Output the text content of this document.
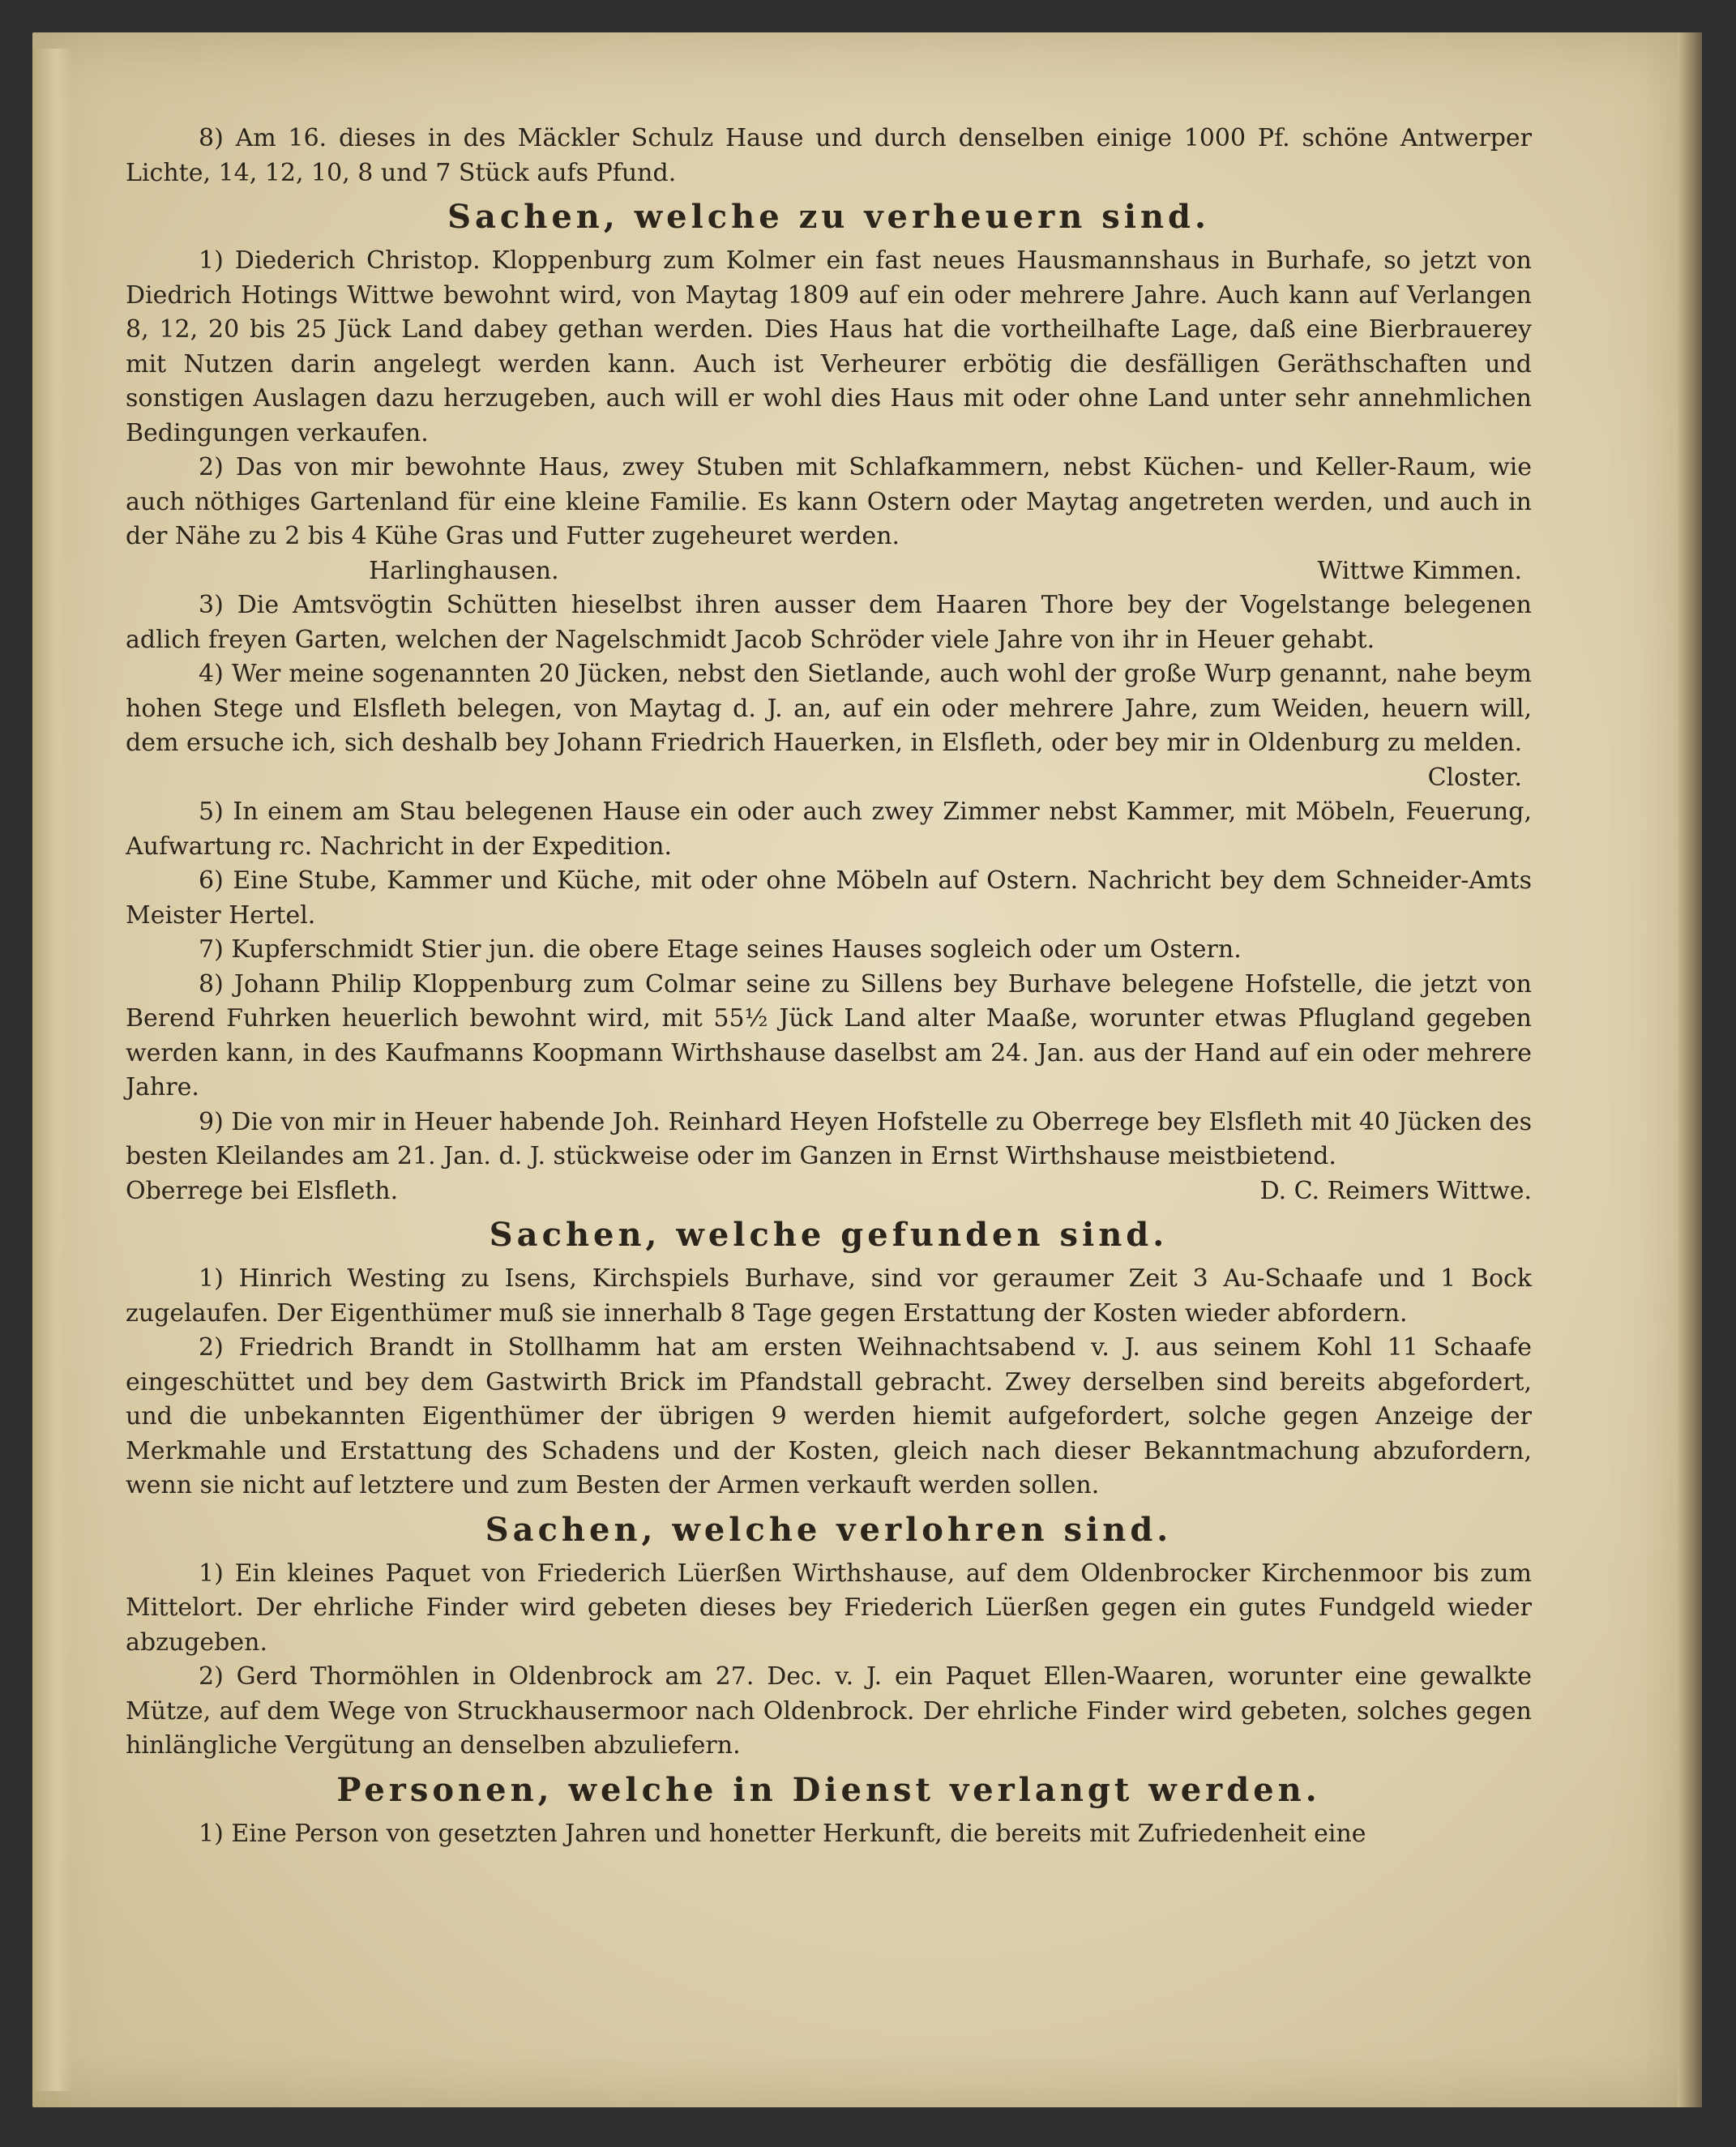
8) Am 16. dieses in des Mäckler Schulz Hause und durch denselben einige 1000 Pf. schöne Antwerper Lichte, 14, 12, 10, 8 und 7 Stück aufs Pfund.

Sachen, welche zu verheuern sind.

1) Diederich Christop. Kloppenburg zum Kolmer ein fast neues Hausmannshaus in Burhafe, so jetzt von Diedrich Hotings Wittwe bewohnt wird, von Maytag 1809 auf ein oder mehrere Jahre. Auch kann auf Verlangen 8, 12, 20 bis 25 Jück Land dabey gethan werden. Dies Haus hat die vortheilhafte Lage, daß eine Bierbrauerey mit Nutzen darin angelegt werden kann. Auch ist Verheurer erbötig die desfälligen Geräthschaften und sonstigen Auslagen dazu herzugeben, auch will er wohl dies Haus mit oder ohne Land unter sehr annehmlichen Bedingungen verkaufen.

2) Das von mir bewohnte Haus, zwey Stuben mit Schlafkammern, nebst Küchen- und Keller-Raum, wie auch nöthiges Gartenland für eine kleine Familie. Es kann Ostern oder Maytag angetreten werden, und auch in der Nähe zu 2 bis 4 Kühe Gras und Futter zugeheuret werden.

Harlinghausen.	Wittwe Kimmen.

3) Die Amtsvögtin Schütten hieselbst ihren ausser dem Haaren Thore bey der Vogelstange belegenen adlich freyen Garten, welchen der Nagelschmidt Jacob Schröder viele Jahre von ihr in Heuer gehabt.

4) Wer meine sogenannten 20 Jücken, nebst den Sietlande, auch wohl der große Wurp genannt, nahe beym hohen Stege und Elsfleth belegen, von Maytag d. J. an, auf ein oder mehrere Jahre, zum Weiden, heuern will, dem ersuche ich, sich deshalb bey Johann Friedrich Hauerken, in Elsfleth, oder bey mir in Oldenburg zu melden.

Closter.

5) In einem am Stau belegenen Hause ein oder auch zwey Zimmer nebst Kammer, mit Möbeln, Feuerung, Aufwartung rc. Nachricht in der Expedition.

6) Eine Stube, Kammer und Küche, mit oder ohne Möbeln auf Ostern. Nachricht bey dem Schneider-Amts Meister Hertel.

7) Kupferschmidt Stier jun. die obere Etage seines Hauses sogleich oder um Ostern.

8) Johann Philip Kloppenburg zum Colmar seine zu Sillens bey Burhave belegene Hofstelle, die jetzt von Berend Fuhrken heuerlich bewohnt wird, mit 55½ Jück Land alter Maaße, worunter etwas Pflugland gegeben werden kann, in des Kaufmanns Koopmann Wirthshause daselbst am 24. Jan. aus der Hand auf ein oder mehrere Jahre.

9) Die von mir in Heuer habende Joh. Reinhard Heyen Hofstelle zu Oberrege bey Elsfleth mit 40 Jücken des besten Kleilandes am 21. Jan. d. J. stückweise oder im Ganzen in Ernst Wirthshause meistbietend.

Oberrege bei Elsfleth.	D. C. Reimers Wittwe.
Sachen, welche gefunden sind.

1) Hinrich Westing zu Isens, Kirchspiels Burhave, sind vor geraumer Zeit 3 Au-Schaafe und 1 Bock zugelaufen. Der Eigenthümer muß sie innerhalb 8 Tage gegen Erstattung der Kosten wieder abfordern.

2) Friedrich Brandt in Stollhamm hat am ersten Weihnachtsabend v. J. aus seinem Kohl 11 Schaafe eingeschüttet und bey dem Gastwirth Brick im Pfandstall gebracht. Zwey derselben sind bereits abgefordert, und die unbekannten Eigenthümer der übrigen 9 werden hiemit aufgefordert, solche gegen Anzeige der Merkmahle und Erstattung des Schadens und der Kosten, gleich nach dieser Bekanntmachung abzufordern, wenn sie nicht auf letztere und zum Besten der Armen verkauft werden sollen.

Sachen, welche verlohren sind.

1) Ein kleines Paquet von Friederich Lüerßen Wirthshause, auf dem Oldenbrocker Kirchenmoor bis zum Mittelort. Der ehrliche Finder wird gebeten dieses bey Friederich Lüerßen gegen ein gutes Fundgeld wieder abzugeben.

2) Gerd Thormöhlen in Oldenbrock am 27. Dec. v. J. ein Paquet Ellen-Waaren, worunter eine gewalkte Mütze, auf dem Wege von Struckhausermoor nach Oldenbrock. Der ehrliche Finder wird gebeten, solches gegen hinlängliche Vergütung an denselben abzuliefern.

Personen, welche in Dienst verlangt werden.

1) Eine Person von gesetzten Jahren und honetter Herkunft, die bereits mit Zufriedenheit eine
